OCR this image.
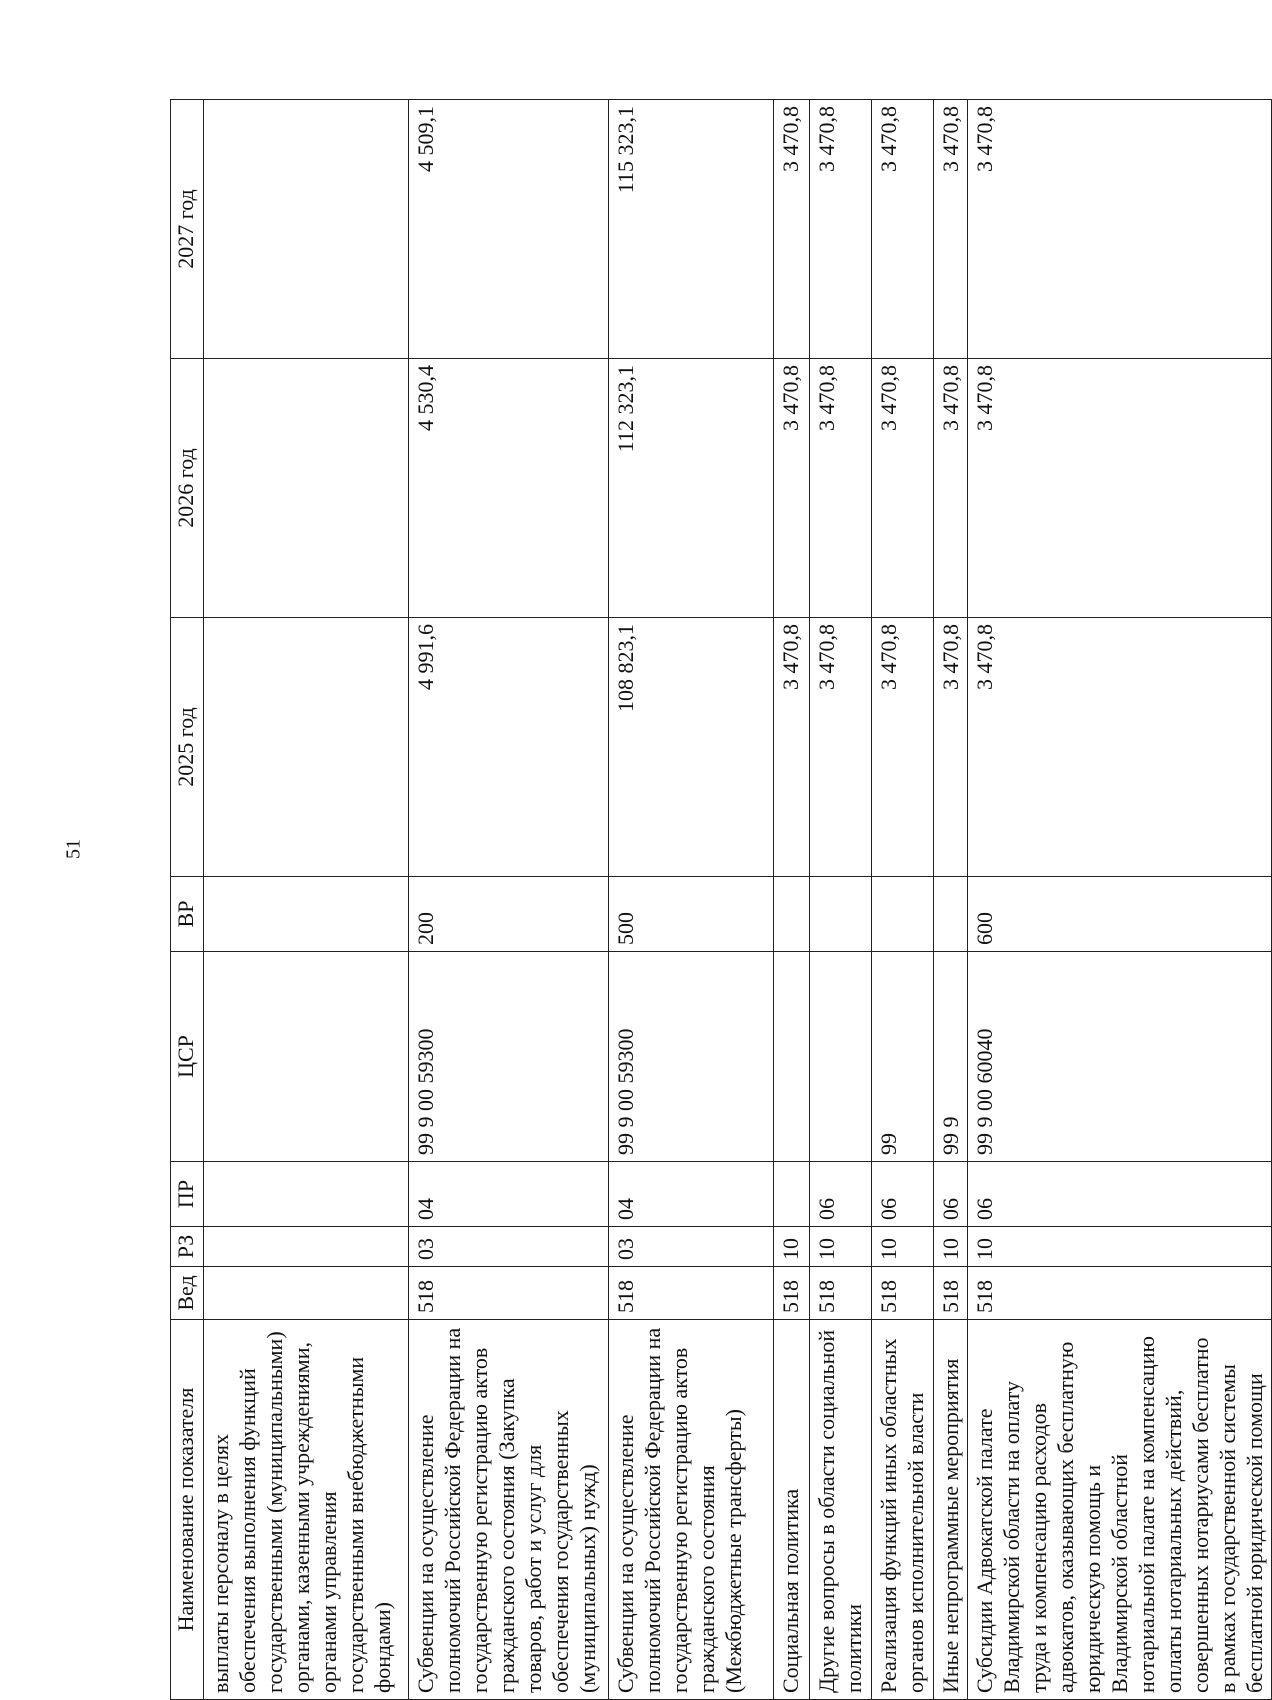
51
Наименование показателя	Вед	РЗ	ПР	ЦСР	ВР	2025 год	2026 год	2027 год
выплаты персоналу в целях обеспечения выполнения функций государственными (муниципальными) органами, казенными учреждениями, органами управления государственными внебюджетными фондами)								
Субвенции на осуществление полномочий Российской Федерации на государственную регистрацию актов гражданского состояния (Закупка товаров, работ и услуг для обеспечения государственных (муниципальных) нужд)	518	03	04	99 9 00 59300	200	4 991,6	4 530,4	4 509,1
Субвенции на осуществление полномочий Российской Федерации на государственную регистрацию актов гражданского состояния (Межбюджетные трансферты)	518	03	04	99 9 00 59300	500	108 823,1	112 323,1	115 323,1
Социальная политика	518	10				3 470,8	3 470,8	3 470,8
Другие вопросы в области социальной политики	518	10	06			3 470,8	3 470,8	3 470,8
Реализация функций иных областных органов исполнительной власти	518	10	06	99		3 470,8	3 470,8	3 470,8
Иные непрограммные мероприятия	518	10	06	99 9		3 470,8	3 470,8	3 470,8
Субсидии Адвокатской палате Владимирской области на оплату труда и компенсацию расходов адвокатов, оказывающих бесплатную юридическую помощь и Владимирской областной нотариальной палате на компенсацию оплаты нотариальных действий, совершенных нотариусами бесплатно в рамках государственной системы бесплатной юридической помощи	518	10	06	99 9 00 60040	600	3 470,8	3 470,8	3 470,8
